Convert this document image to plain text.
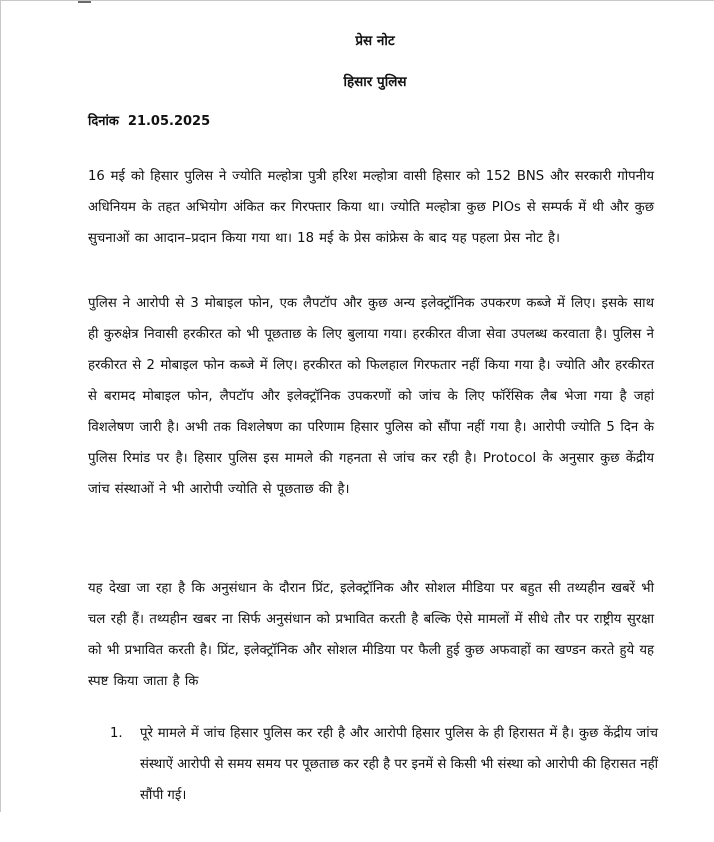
प्रेस नोट
हिसार पुलिस
दिनांक 21.05.2025

16 मई को हिसार पुलिस ने ज्योति मल्होत्रा पुत्री हरिश मल्होत्रा वासी हिसार को 152 BNS और सरकारी गोपनीय अधिनियम के तहत अभियोग अंकित कर गिरफ्तार किया था। ज्योति मल्होत्रा कुछ PIOs से सम्पर्क में थी और कुछ सुचनाओं का आदान–प्रदान किया गया था। 18 मई के प्रेस कांफ्रेस के बाद यह पहला प्रेस नोट है।

पुलिस ने आरोपी से 3 मोबाइल फोन, एक लैपटॉप और कुछ अन्य इलेक्ट्रॉनिक उपकरण कब्जे में लिए। इसके साथ ही कुरुक्षेत्र निवासी हरकीरत को भी पूछताछ के लिए बुलाया गया। हरकीरत वीजा सेवा उपलब्ध करवाता है। पुलिस ने हरकीरत से 2 मोबाइल फोन कब्जे में लिए। हरकीरत को फिलहाल गिरफतार नहीं किया गया है। ज्योति और हरकीरत से बरामद मोबाइल फोन, लैपटॉप और इलेक्ट्रॉनिक उपकरणों को जांच के लिए फॉरेंसिक लैब भेजा गया है जहां विशलेषण जारी है। अभी तक विशलेषण का परिणाम हिसार पुलिस को सौंपा नहीं गया है। आरोपी ज्योति 5 दिन के पुलिस रिमांड पर है। हिसार पुलिस इस मामले की गहनता से जांच कर रही है। Protocol के अनुसार कुछ केंद्रीय जांच संस्थाओं ने भी आरोपी ज्योति से पूछताछ की है।

यह देखा जा रहा है कि अनुसंधान के दौरान प्रिंट, इलेक्ट्रॉनिक और सोशल मीडिया पर बहुत सी तथ्यहीन खबरें भी चल रही हैं। तथ्यहीन खबर ना सिर्फ अनुसंधान को प्रभावित करती है बल्कि ऐसे मामलों में सीधे तौर पर राष्ट्रीय सुरक्षा को भी प्रभावित करती है। प्रिंट, इलेक्ट्रॉनिक और सोशल मीडिया पर फैली हुई कुछ अफवाहों का खण्डन करते हुये यह स्पष्ट किया जाता है कि

1.	पूरे मामले में जांच हिसार पुलिस कर रही है और आरोपी हिसार पुलिस के ही हिरासत में है। कुछ केंद्रीय जांच संस्थाऐं आरोपी से समय समय पर पूछताछ कर रही है पर इनमें से किसी भी संस्था को आरोपी की हिरासत नहीं सौंपी गई।
